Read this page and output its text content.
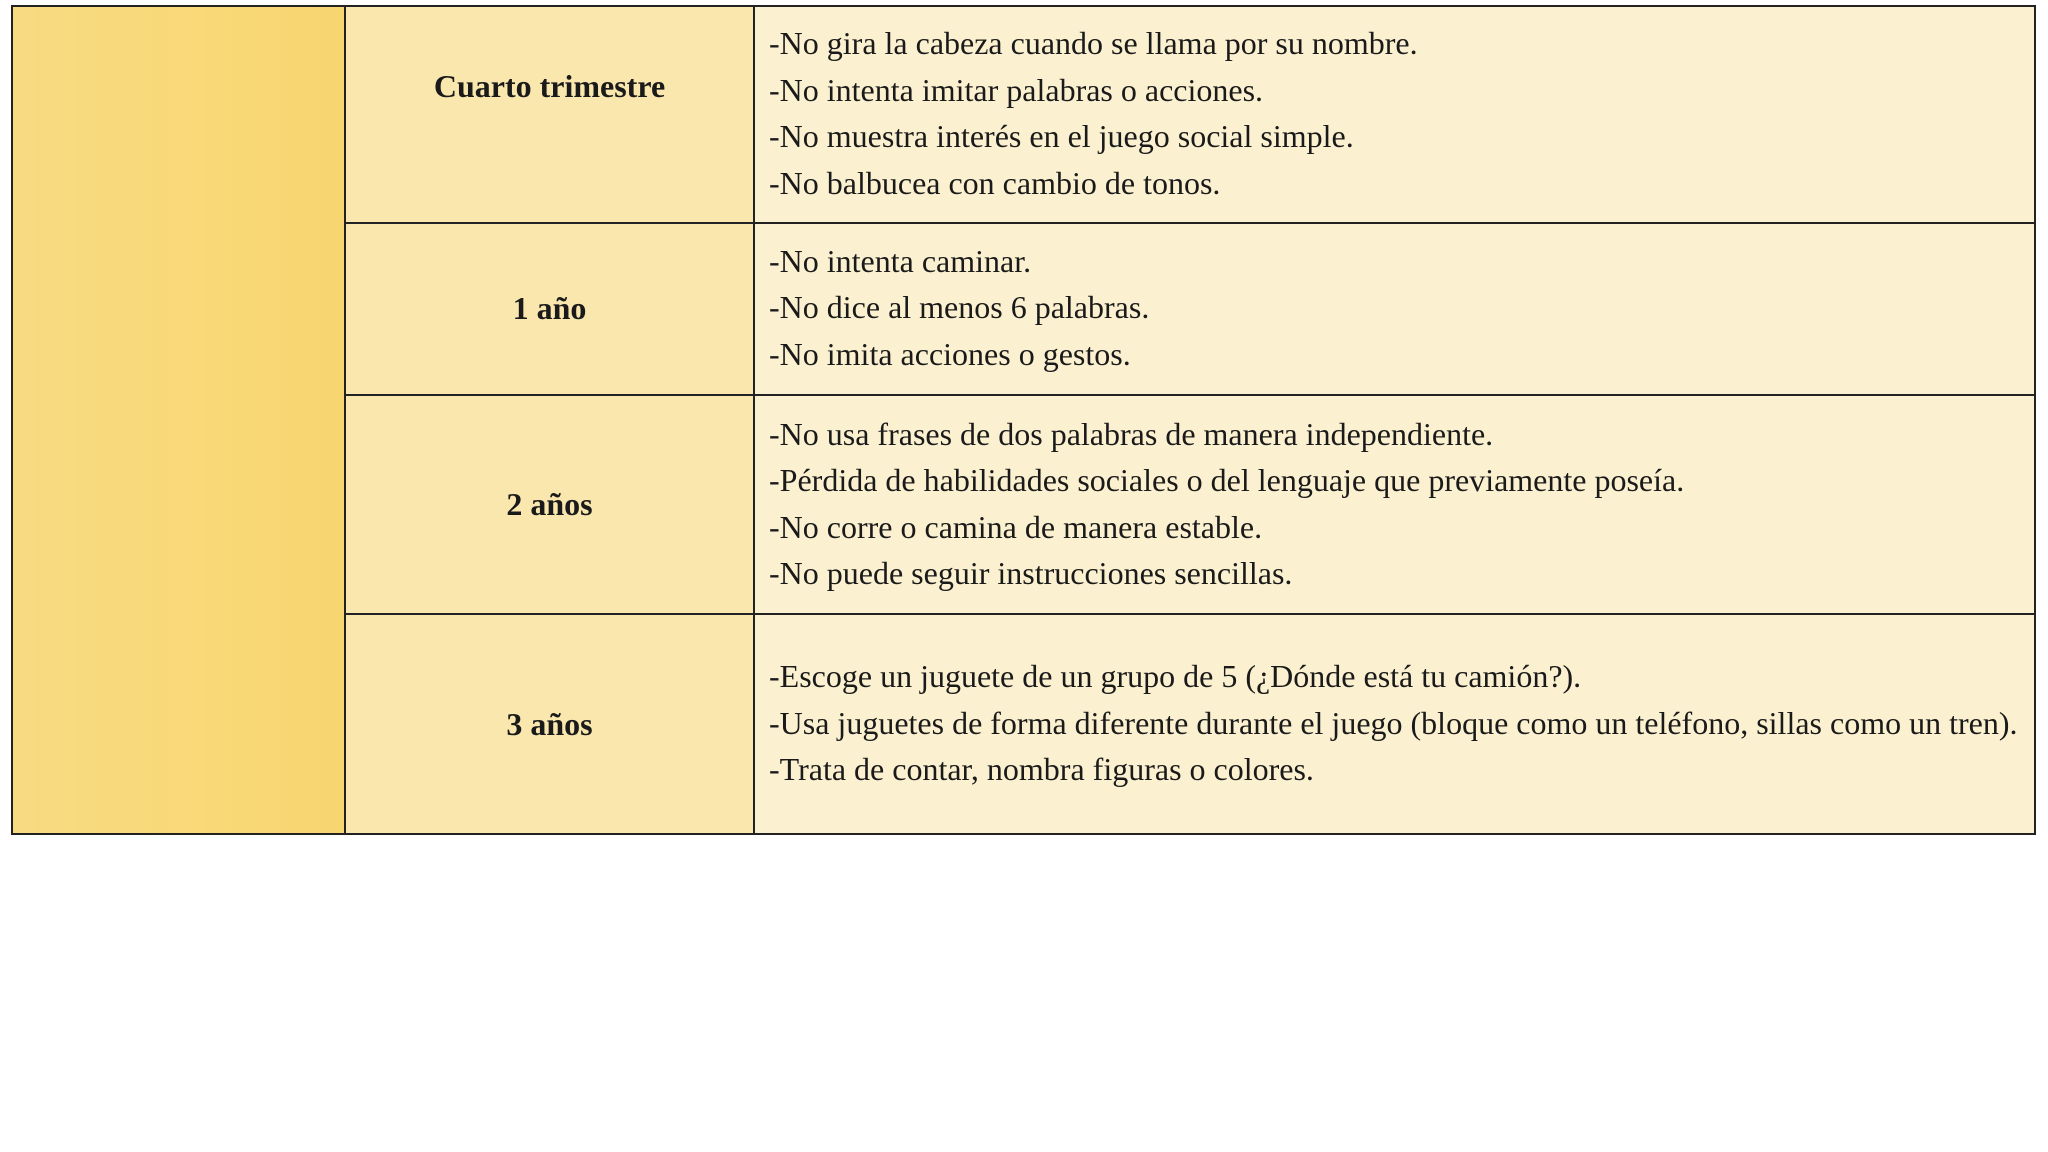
	Cuarto trimestre	-No gira la cabeza cuando se llama por su nombre.
-No intenta imitar palabras o acciones.
-No muestra interés en el juego social simple.
-No balbucea con cambio de tonos.

	1 año	-No intenta caminar.
-No dice al menos 6 palabras.
-No imita acciones o gestos.

	2 años	-No usa frases de dos palabras de manera independiente.
-Pérdida de habilidades sociales o del lenguaje que previamente poseía.
-No corre o camina de manera estable.
-No puede seguir instrucciones sencillas.

	3 años	-Escoge un juguete de un grupo de 5 (¿Dónde está tu camión?).
-Usa juguetes de forma diferente durante el juego (bloque como un teléfono, sillas como un tren).
-Trata de contar, nombra figuras o colores.
